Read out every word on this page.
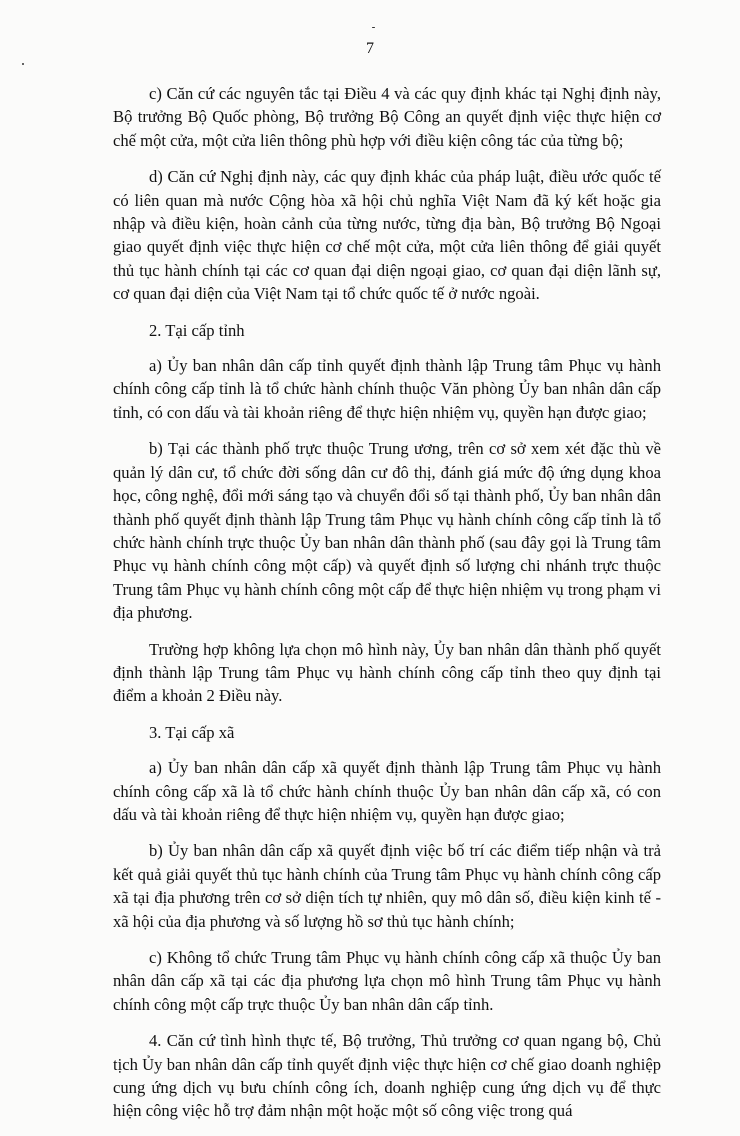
7

c) Căn cứ các nguyên tắc tại Điều 4 và các quy định khác tại Nghị định này, Bộ trưởng Bộ Quốc phòng, Bộ trưởng Bộ Công an quyết định việc thực hiện cơ chế một cửa, một cửa liên thông phù hợp với điều kiện công tác của từng bộ;

d) Căn cứ Nghị định này, các quy định khác của pháp luật, điều ước quốc tế có liên quan mà nước Cộng hòa xã hội chủ nghĩa Việt Nam đã ký kết hoặc gia nhập và điều kiện, hoàn cảnh của từng nước, từng địa bàn, Bộ trưởng Bộ Ngoại giao quyết định việc thực hiện cơ chế một cửa, một cửa liên thông để giải quyết thủ tục hành chính tại các cơ quan đại diện ngoại giao, cơ quan đại diện lãnh sự, cơ quan đại diện của Việt Nam tại tổ chức quốc tế ở nước ngoài.

2. Tại cấp tỉnh

a) Ủy ban nhân dân cấp tỉnh quyết định thành lập Trung tâm Phục vụ hành chính công cấp tỉnh là tổ chức hành chính thuộc Văn phòng Ủy ban nhân dân cấp tỉnh, có con dấu và tài khoản riêng để thực hiện nhiệm vụ, quyền hạn được giao;

b) Tại các thành phố trực thuộc Trung ương, trên cơ sở xem xét đặc thù về quản lý dân cư, tổ chức đời sống dân cư đô thị, đánh giá mức độ ứng dụng khoa học, công nghệ, đổi mới sáng tạo và chuyển đổi số tại thành phố, Ủy ban nhân dân thành phố quyết định thành lập Trung tâm Phục vụ hành chính công cấp tỉnh là tổ chức hành chính trực thuộc Ủy ban nhân dân thành phố (sau đây gọi là Trung tâm Phục vụ hành chính công một cấp) và quyết định số lượng chi nhánh trực thuộc Trung tâm Phục vụ hành chính công một cấp để thực hiện nhiệm vụ trong phạm vi địa phương.

Trường hợp không lựa chọn mô hình này, Ủy ban nhân dân thành phố quyết định thành lập Trung tâm Phục vụ hành chính công cấp tỉnh theo quy định tại điểm a khoản 2 Điều này.

3. Tại cấp xã

a) Ủy ban nhân dân cấp xã quyết định thành lập Trung tâm Phục vụ hành chính công cấp xã là tổ chức hành chính thuộc Ủy ban nhân dân cấp xã, có con dấu và tài khoản riêng để thực hiện nhiệm vụ, quyền hạn được giao;

b) Ủy ban nhân dân cấp xã quyết định việc bố trí các điểm tiếp nhận và trả kết quả giải quyết thủ tục hành chính của Trung tâm Phục vụ hành chính công cấp xã tại địa phương trên cơ sở diện tích tự nhiên, quy mô dân số, điều kiện kinh tế - xã hội của địa phương và số lượng hồ sơ thủ tục hành chính;

c) Không tổ chức Trung tâm Phục vụ hành chính công cấp xã thuộc Ủy ban nhân dân cấp xã tại các địa phương lựa chọn mô hình Trung tâm Phục vụ hành chính công một cấp trực thuộc Ủy ban nhân dân cấp tỉnh.

4. Căn cứ tình hình thực tế, Bộ trưởng, Thủ trưởng cơ quan ngang bộ, Chủ tịch Ủy ban nhân dân cấp tỉnh quyết định việc thực hiện cơ chế giao doanh nghiệp cung ứng dịch vụ bưu chính công ích, doanh nghiệp cung ứng dịch vụ để thực hiện công việc hỗ trợ đảm nhận một hoặc một số công việc trong quá
